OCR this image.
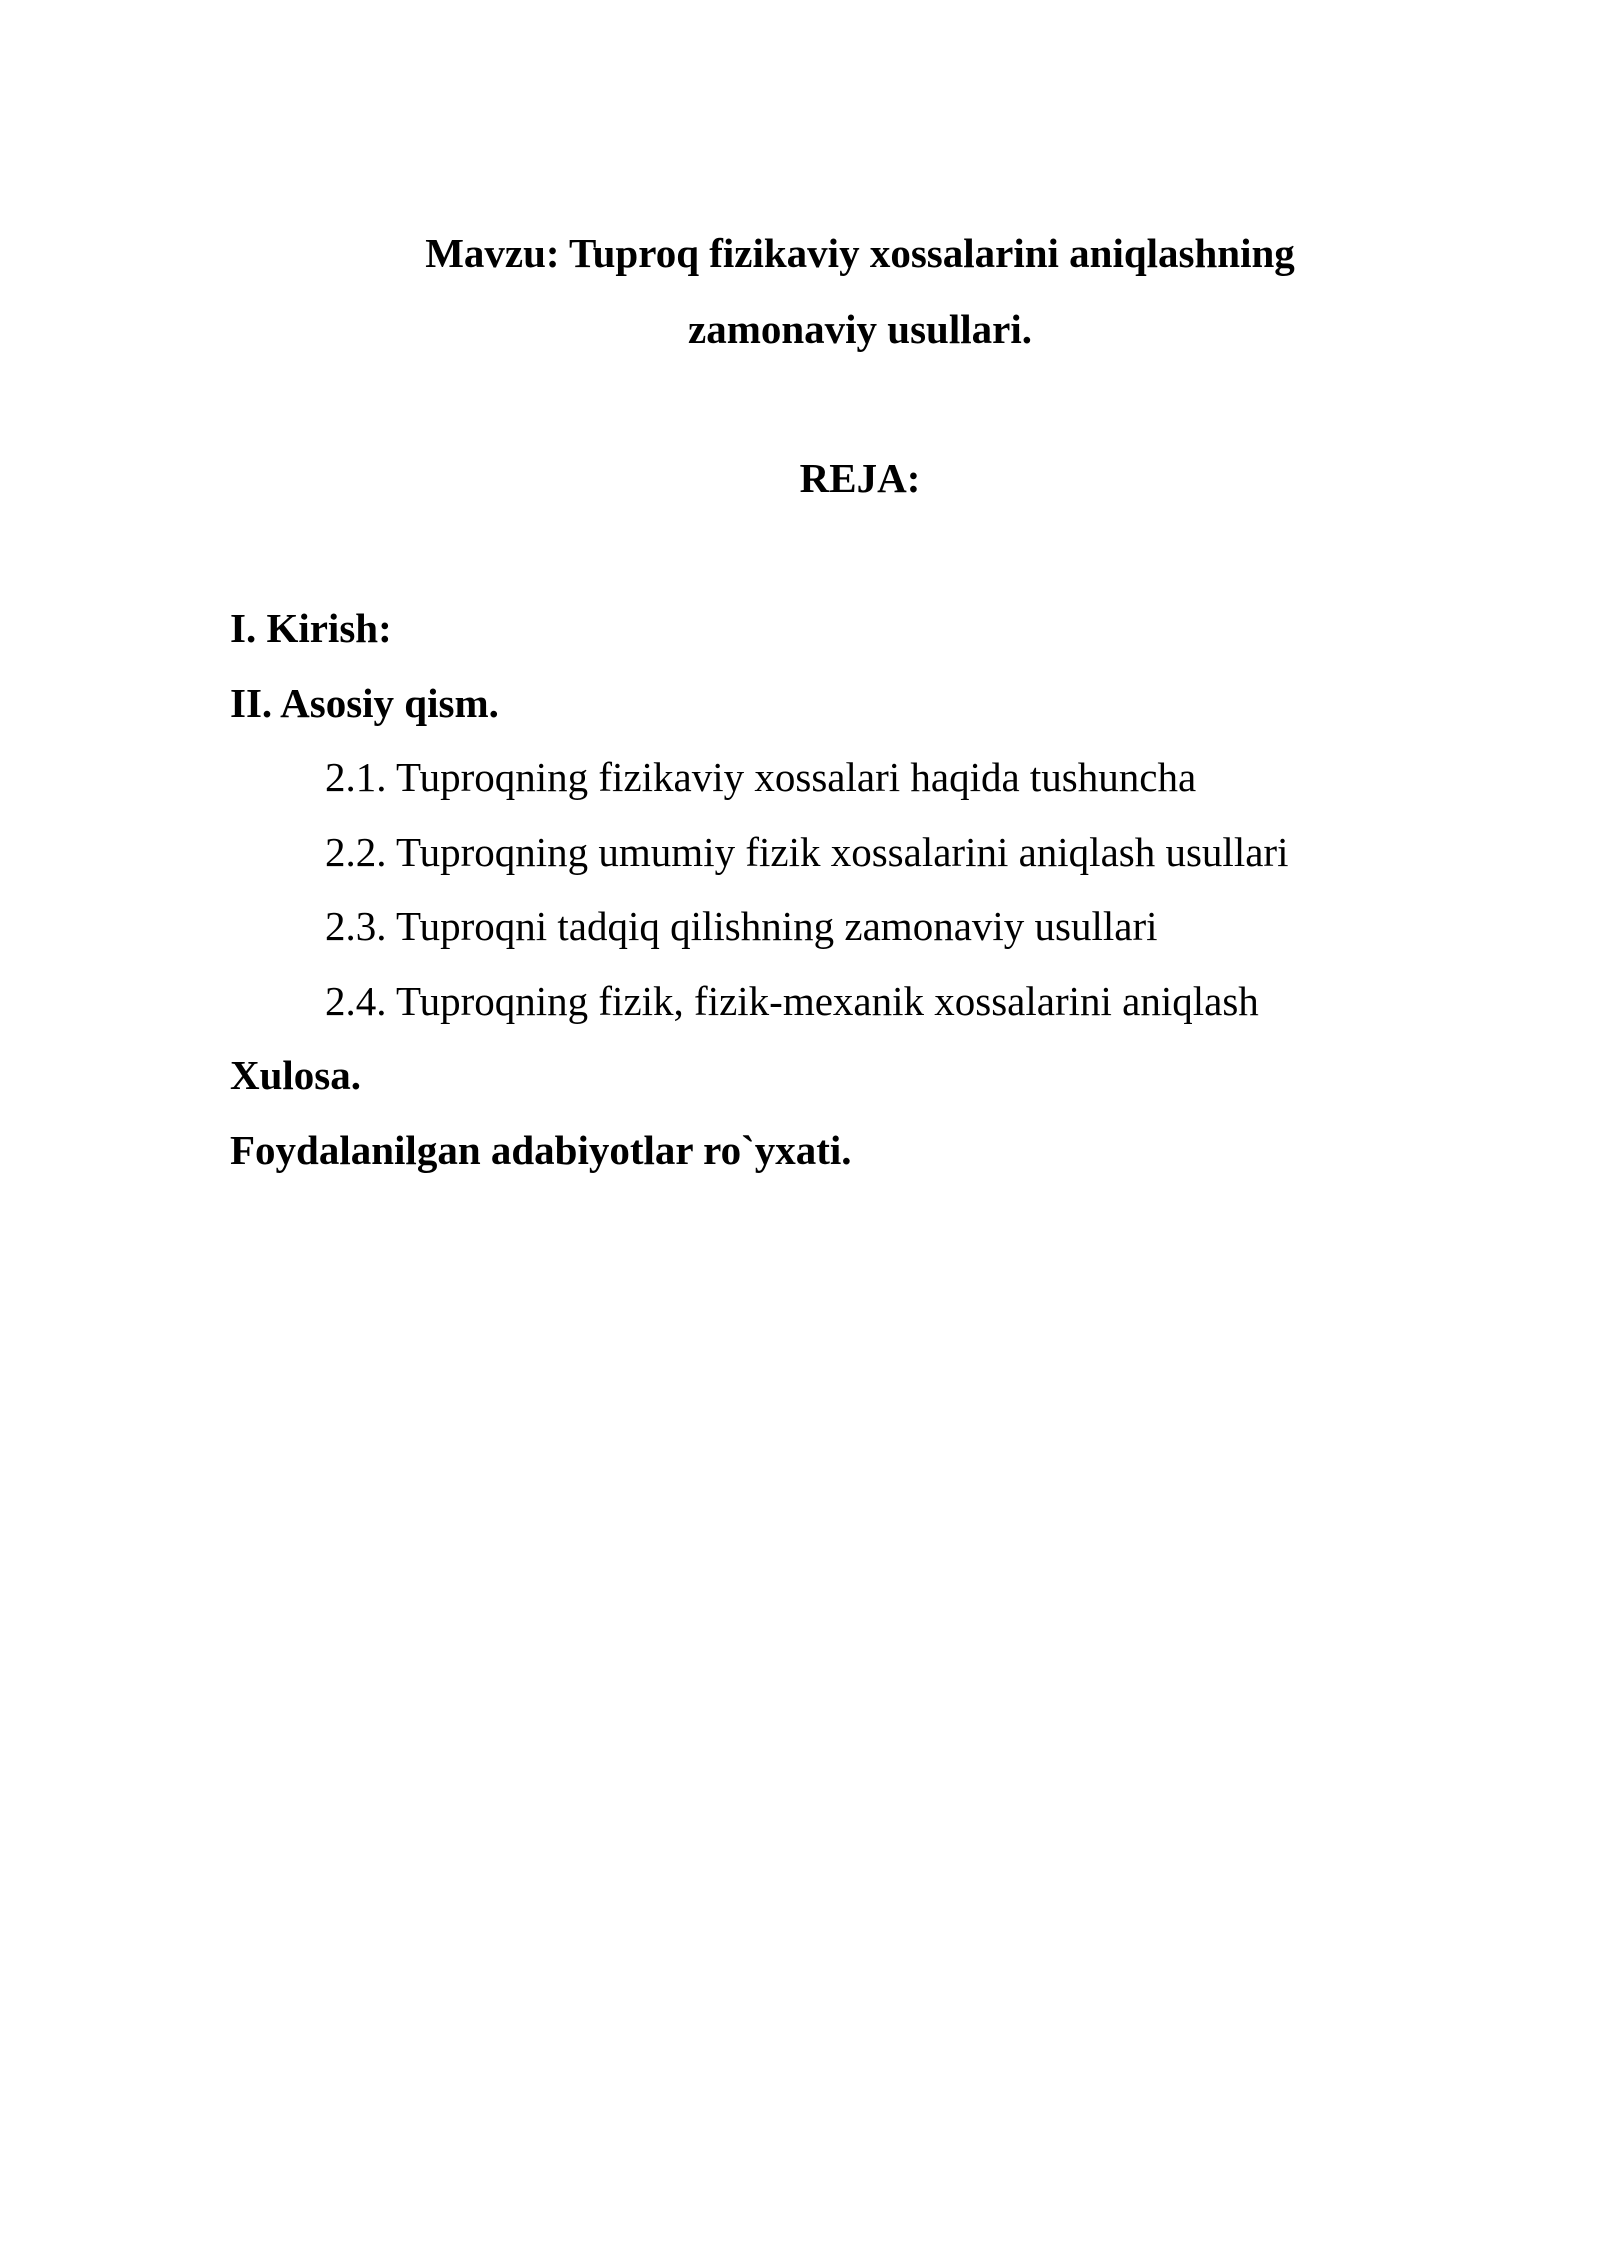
Mavzu: Tuproq fizikaviy xossalarini aniqlashning
zamonaviy usullari.
REJA:
I. Kirish:
II. Asosiy qism.
2.1. Tuproqning fizikaviy xossalari haqida tushuncha
2.2. Tuproqning umumiy fizik xossalarini aniqlash usullari
2.3. Tuproqni tadqiq qilishning zamonaviy usullari
2.4. Tuproqning fizik, fizik-mexanik xossalarini aniqlash
Xulosa.
Foydalanilgan adabiyotlar ro`yxati.
